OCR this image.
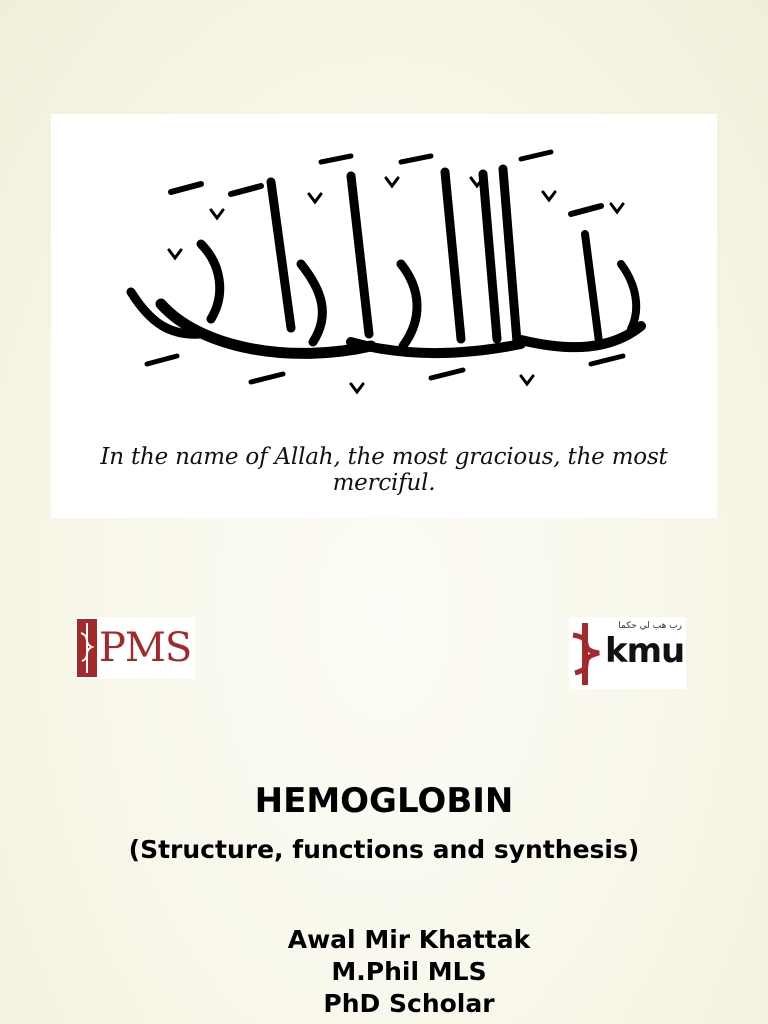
In the name of Allah, the most gracious, the most merciful.
PMS	رب هب لي حكما
kmu
HEMOGLOBIN
(Structure, functions and synthesis)
Awal Mir Khattak
M.Phil MLS
PhD Scholar
